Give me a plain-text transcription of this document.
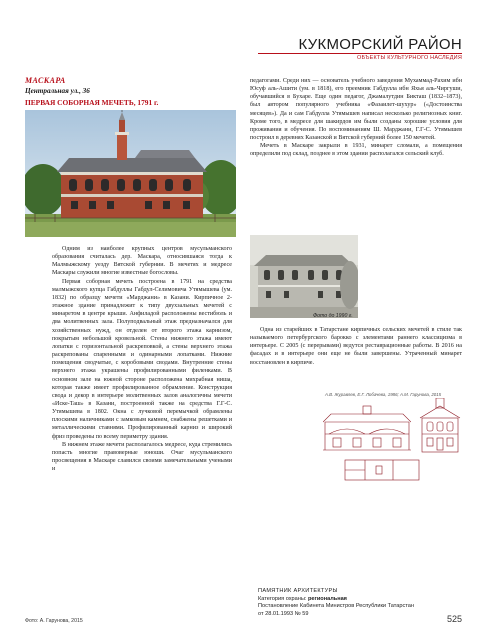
КУКМОРСКИЙ РАЙОН
ОБЪЕКТЫ КУЛЬТУРНОГО НАСЛЕДИЯ
МАСКАРА
Центральная ул., 36
ПЕРВАЯ СОБОРНАЯ МЕЧЕТЬ, 1791 г.

Одним из наиболее крупных центров мусульманского образования считалась дер. Маскара, относившаяся тогда к Малмыжскому уезду Вятской губернии. В мечетях и медресе Маскары служили многие известные богословы.

Первая соборная мечеть построена в 1791 на средства малмыжского купца Габдуллы Габдул-Селимовича Утямышева (ум. 1832) по образцу мечети «Марджани» в Казани. Кирпичное 2-этажное здание принадлежит к типу двухзальных мечетей с минаретом в центре крыши. Анфиладой расположены вестибюль и два молитвенных зала. Полуподвальный этаж предназначался для хозяйственных нужд, он отделен от второго этажа карнизом, покрытым небольшой кровельной. Стены нижнего этажа имеют лопатки с горизонтальной раскреповкой, а стены верхнего этажа раскрепованы спаренными и одинарными лопатками. Нижние помещения сводчатые, с коробовыми сводами. Внутренние стены верхнего этажа украшены профилированными филенками. В основном зале на южной стороне расположена михрабная ниша, которая также имеет профилированное обрамление. Конструкция свода и декор в интерьере молитвенных залов аналогичны мечети «Иске-Таш» в Казани, построенной также на средства Г.Г-С. Утямышева в 1802. Окна с лучковой перемычкой обрамлены плоскими наличниками с замковым камнем, снабжены решетками и металлическими ставнями. Профилированный карниз и широкий фриз проведены по всему периметру здания.

В нижнем этаже мечети располагалось медресе, куда стремились попасть многие правоверные юноши. Очаг мусульманского просвещения в Маскаре славился своими замечательными учеными и

педагогами. Среди них — основатель учебного заведения Мухаммад-Рахим ибн Юсуф аль-Ашити (ум. в 1818), его преемник Габдулла ибн Яхья аль-Чиргуши, обучавшийся в Бухаре. Еще один педагог, Джамалутдин Бикташ (1832–1873), был автором популярного учебника «Фазаилет-шухур» («Достоинства месяцев»). Да и сам Габдулла Утямышев написал несколько религиозных книг. Кроме того, в медресе для шакирдов им были созданы хорошие условия для проживания и обучения. По воспоминаниям Ш. Марджани, Г.Г-С. Утямышев построил в деревнях Казанской и Вятской губерний более 150 мечетей.

Мечеть в Маскаре закрыли в 1931, минарет сломали, а помещения определили под склад, позднее в этом здании располагался сельский клуб.

Фото до 1990 г.

Одна из старейших в Татарстане кирпичных сельских мечетей в стиле так называемого петербургского барокко с элементами раннего классицизма в интерьере. С 2005 (с перерывами) ведутся реставрационные работы. В 2016 на фасадах и в интерьере они еще не были завершены. Утраченный минарет восстановлен в кирпиче.

А.В. Журавлев, Е.Г. Лобачева, 1986; А.М. Гарунова, 2015
ПАМЯТНИК АРХИТЕКТУРЫ
Категория охраны: региональная
Постановление Кабинета Министров Республики Татарстан
от 28.01.1993 № 59
Фото: А. Гарунова, 2015	525
